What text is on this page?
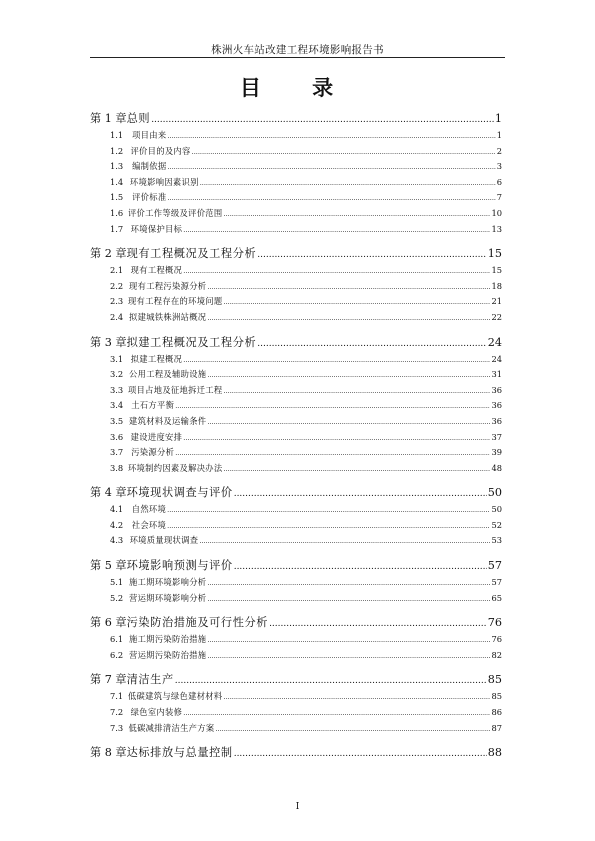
株洲火车站改建工程环境影响报告书
目 录
第 1 章 总则 .....	1
1.1	项目由来 .....	1
1.2 评价目的及内容 .....	2
1.3	编制依据 .....	3
1.4 环境影响因素识别 .....	6
1.5	评价标准 .....	7
1.6 评价工作等级及评价范围 .....	10
1.7 环境保护目标 .....	13
第 2 章 现有工程概况及工程分析 .....	15
2.1 现有工程概况 .....	15
2.2 现有工程污染源分析 .....	18
2.3 现有工程存在的环境问题 .....	21
2.4 拟建城铁株洲站概况 .....	22
第 3 章 拟建工程概况及工程分析 .....	24
3.1 拟建工程概况 .....	24
3.2 公用工程及辅助设施 .....	31
3.3 项目占地及征地拆迁工程 .....	36
3.4 土石方平衡 .....	36
3.5 建筑材料及运输条件 .....	36
3.6 建设进度安排 .....	37
3.7 污染源分析 .....	39
3.8 环境制约因素及解决办法 .....	48
第 4 章 环境现状调查与评价 .....	50
4.1	自然环境 .....	50
4.2	社会环境 .....	52
4.3 环境质量现状调查 .....	53
第 5 章 环境影响预测与评价 .....	57
5.1 施工期环境影响分析 .....	57
5.2 营运期环境影响分析 .....	65
第 6 章 污染防治措施及可行性分析 .....	76
6.1 施工期污染防治措施 .....	76
6.2 营运期污染防治措施 .....	82
第 7 章 清洁生产 .....	85
7.1 低碳建筑与绿色建材材料 .....	85
7.2 绿色室内装修 .....	86
7.3 低碳减排清洁生产方案 .....	87
第 8 章 达标排放与总量控制 .....	88
I
